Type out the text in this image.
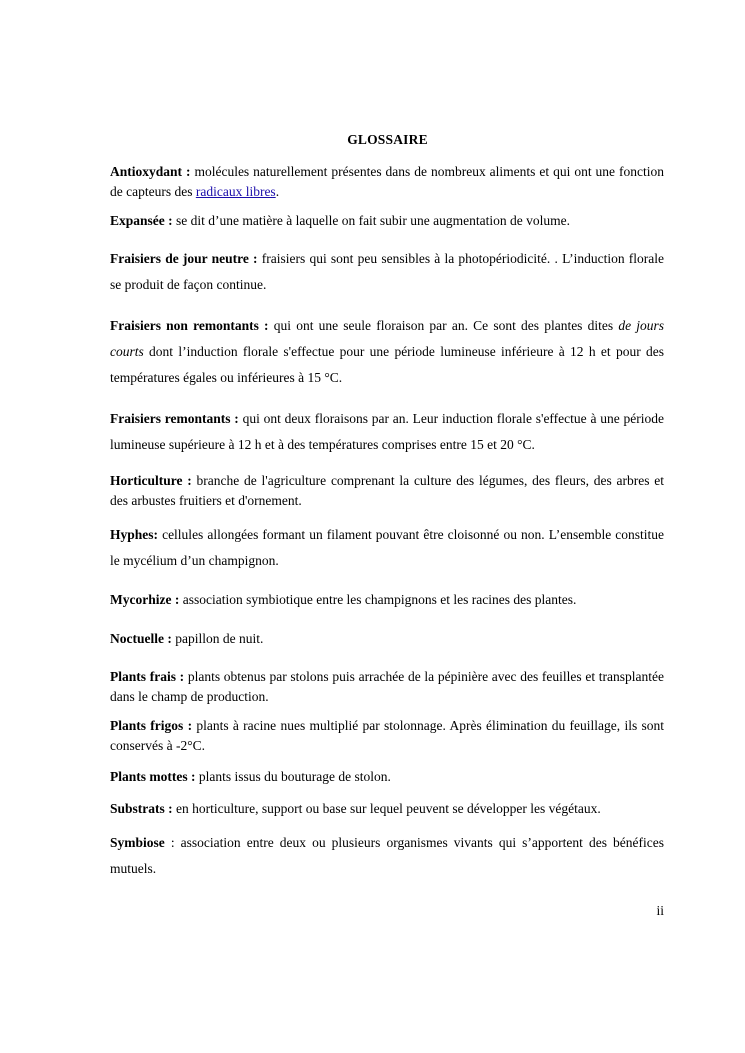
GLOSSAIRE

Antioxydant : molécules naturellement présentes dans de nombreux aliments et qui ont une fonction de capteurs des radicaux libres.

Expansée : se dit d’une matière à laquelle on fait subir une augmentation de volume.

Fraisiers de jour neutre : fraisiers qui sont peu sensibles à la photopériodicité. . L’induction florale se produit de façon continue.

Fraisiers non remontants : qui ont une seule floraison par an. Ce sont des plantes dites de jours courts dont l’induction florale s'effectue pour une période lumineuse inférieure à 12 h et pour des températures égales ou inférieures à 15 °C.

Fraisiers remontants : qui ont deux floraisons par an. Leur induction florale s'effectue à une période lumineuse supérieure à 12 h et à des températures comprises entre 15 et 20 °C.

Horticulture : branche de l'agriculture comprenant la culture des légumes, des fleurs, des arbres et des arbustes fruitiers et d'ornement.

Hyphes: cellules allongées formant un filament pouvant être cloisonné ou non. L’ensemble constitue le mycélium d’un champignon.

Mycorhize : association symbiotique entre les champignons et les racines des plantes.

Noctuelle : papillon de nuit.

Plants frais : plants obtenus par stolons puis arrachée de la pépinière avec des feuilles et transplantée dans le champ de production.

Plants frigos : plants à racine nues multiplié par stolonnage. Après élimination du feuillage, ils sont conservés à -2°C.

Plants mottes : plants issus du bouturage de stolon.

Substrats : en horticulture, support ou base sur lequel peuvent se développer les végétaux.

Symbiose : association entre deux ou plusieurs organismes vivants qui s’apportent des bénéfices mutuels.

ii
